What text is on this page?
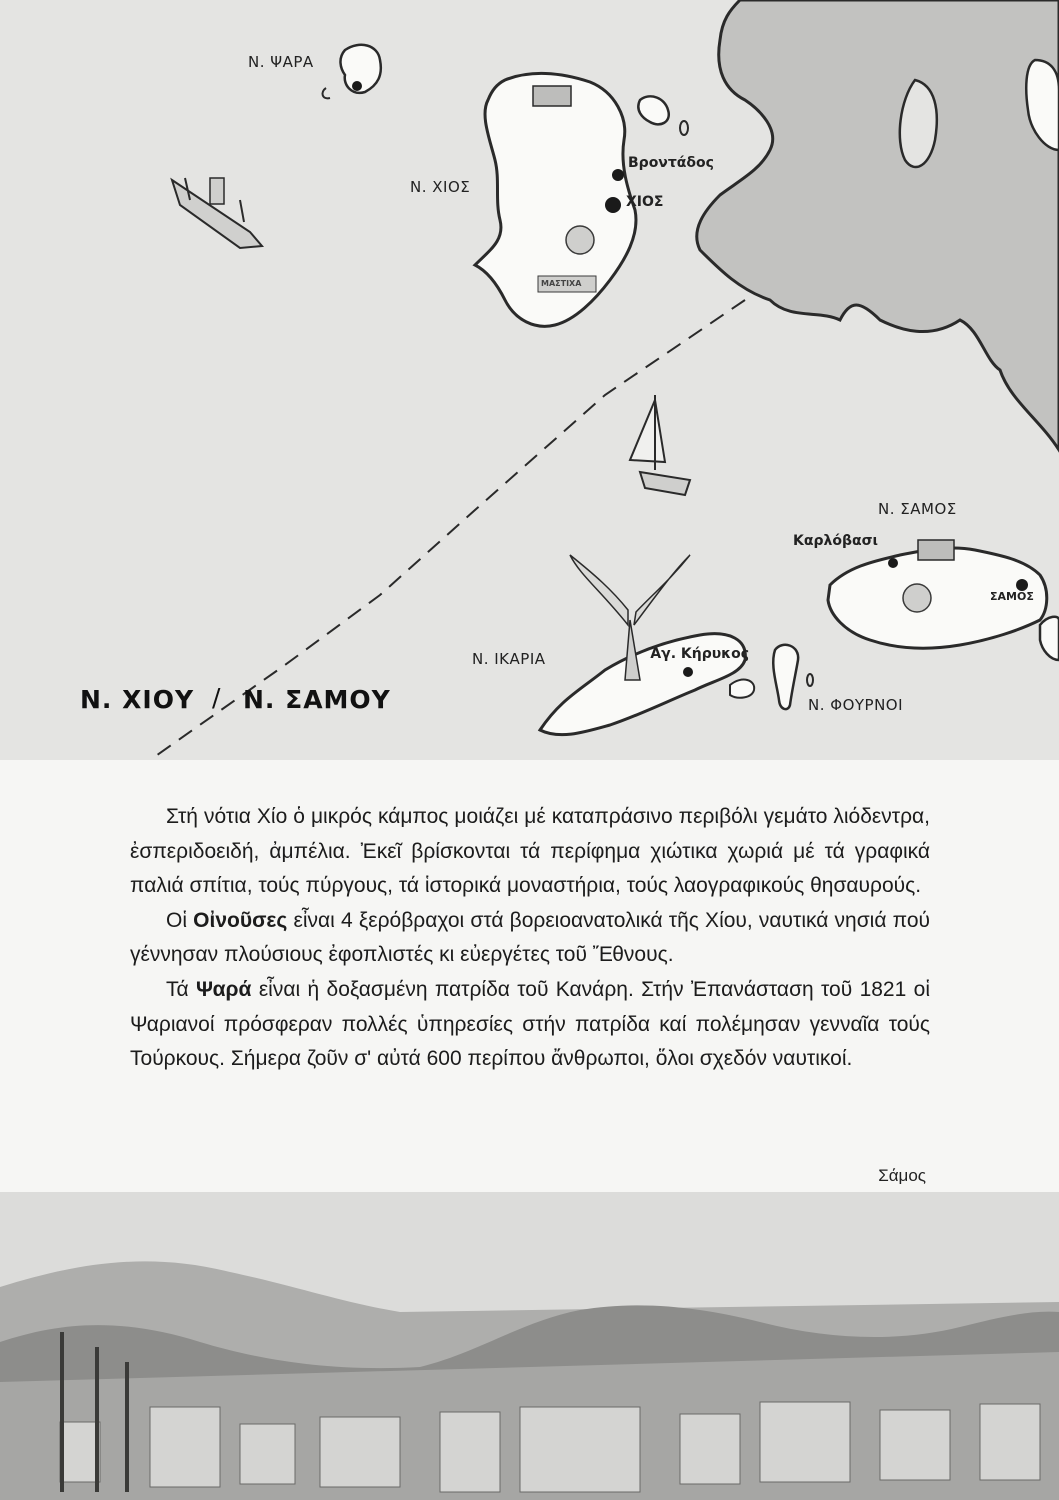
Ν. ΨΑΡΑ
Ν. ΧΙΟΣ
Ν. ΣΑΜΟΣ
Ν. ΙΚΑΡΙΑ
Ν. ΦΟΥΡΝΟΙ
Βροντάδος
ΧΙΟΣ
Καρλόβασι
ΣΑΜΟΣ
Άγ. Κήρυκος
ΜΑΣΤΙΧΑ
Ν. ΧΙΟΥ / Ν. ΣΑΜΟΥ

Στή νότια Χίο ὁ μικρός κάμπος μοιάζει μέ καταπράσινο περιβόλι γεμάτο λιόδεντρα, ἐσπεριδοειδή, ἀμπέλια. Ἐκεῖ βρίσκονται τά περίφημα χιώτικα χωριά μέ τά γραφικά παλιά σπίτια, τούς πύργους, τά ἱστορικά μοναστήρια, τούς λαογραφικούς θησαυρούς.

Οἱ Οἰνοῦσες εἶναι 4 ξερόβραχοι στά βορειοανατολικά τῆς Χίου, ναυτικά νησιά πού γέννησαν πλούσιους ἐφοπλιστές κι εὐεργέτες τοῦ Ἔθνους.

Τά Ψαρά εἶναι ἡ δοξασμένη πατρίδα τοῦ Κανάρη. Στήν Ἐπανάσταση τοῦ 1821 οἱ Ψαριανοί πρόσφεραν πολλές ὑπηρεσίες στήν πατρίδα καί πολέμησαν γενναῖα τούς Τούρκους. Σήμερα ζοῦν σ' αὐτά 600 περίπου ἄνθρωποι, ὅλοι σχεδόν ναυτικοί.

Σάμος
